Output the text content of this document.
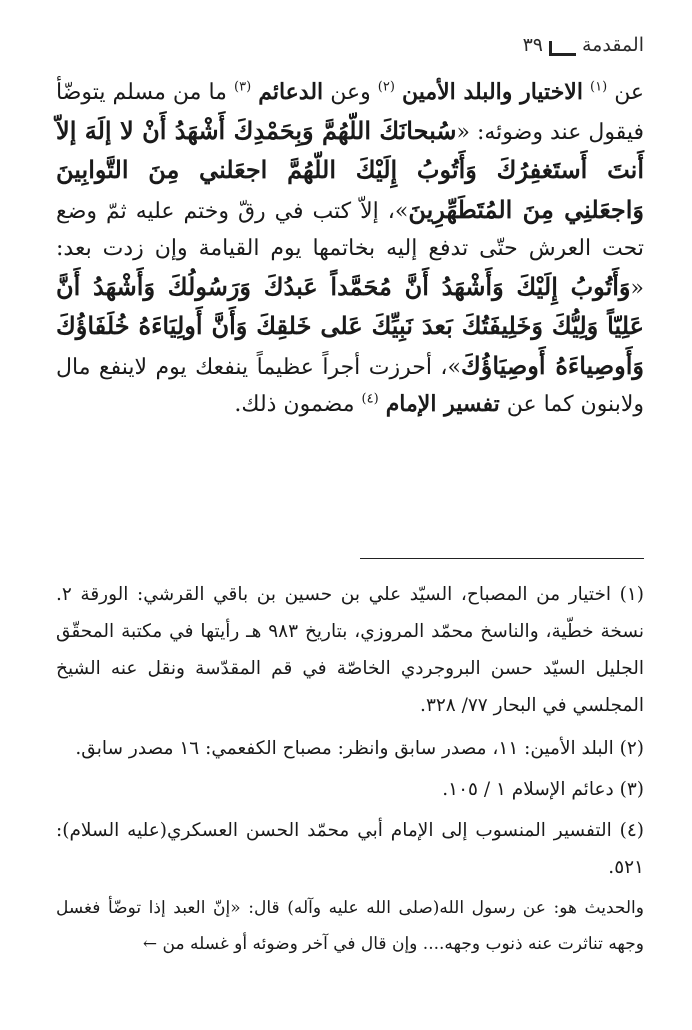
المقدمة
٣٩
عن $^{(١)}$ الاختيار والبلد الأمين $^{(٢)}$ وعن الدعائم $^{(٣)}$ ما من مسلم يتوضّأ فيقول عند وضوئه: «سُبحانَكَ اللّهُمَّ وَبِحَمْدِكَ أَشْهَدُ أَنْ لا إلَهَ إلاّ أَنتَ أَستَغفِرُكَ وَأَتُوبُ إِلَيْكَ اللّهُمَّ اجعَلني مِنَ التَّوابِينَ وَاجعَلنِي مِنَ المُتَطَهِّرِينَ»، إلاّ كتب في رقّ وختم عليه ثمّ وضع تحت العرش حتّى تدفع إليه بخاتمها يوم القيامة وإن زدت بعد: «وَأَتُوبُ إِلَيْكَ وَأَشْهَدُ أَنَّ مُحَمَّداً عَبدُكَ وَرَسُولُكَ وَأَشْهَدُ أَنَّ عَلِيّاً وَلِيُّكَ وَخَلِيفَتُكَ بَعدَ نَبِيِّكَ عَلى خَلقِكَ وَأَنَّ أَولِيَاءَهُ خُلَفَاؤُكَ وَأَوصِياءَهُ أَوصِيَاؤُكَ»، أحرزت أجراً عظيماً ينفعك يوم لاينفع مال ولابنون كما عن تفسير الإمام $^{(٤)}$ مضمون ذلك.

(١) اختيار من المصباح، السيّد علي بن حسين بن باقي القرشي: الورقة ٢. نسخة خطّية، والناسخ محمّد المروزي، بتاريخ ٩٨٣ هـ رأيتها في مكتبة المحقّق الجليل السيّد حسن البروجردي الخاصّة في قم المقدّسة ونقل عنه الشيخ المجلسي في البحار ٧٧/ ٣٢٨.

(٢) البلد الأمين: ١١، مصدر سابق وانظر: مصباح الكفعمي: ١٦ مصدر سابق.

(٣) دعائم الإسلام ١ / ١٠٥.

(٤) التفسير المنسوب إلى الإمام أبي محمّد الحسن العسكري(عليه السلام): ٥٢١.

والحديث هو: عن رسول الله(صلى الله عليه وآله) قال: «إنّ العبد إذا توضّأ فغسل وجهه تناثرت عنه ذنوب وجهه.... وإن قال في آخر وضوئه أو غسله من ←
